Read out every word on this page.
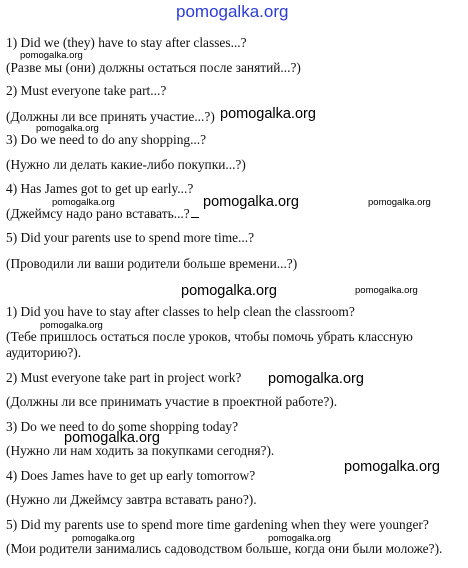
pomogalka.org
1) Did we (they) have to stay after classes...?
pomogalka.org
(Разве мы (они) должны остаться после занятий...?)
2) Must everyone take part...?
(Должны ли все принять участие...?) pomogalka.org
pomogalka.org
3) Do we need to do any shopping...?
(Нужно ли делать какие-либо покупки...?)
4) Has James got to get up early...?
pomogalka.org	pomogalka.org	pomogalka.org
(Джеймсу надо рано вставать...?
5) Did your parents use to spend more time...?
(Проводили ли ваши родители больше времени...?)
pomogalka.org	pomogalka.org
1) Did you have to stay after classes to help clean the classroom?
pomogalka.org
(Тебе пришлось остаться после уроков, чтобы помочь убрать классную аудиторию?).
2) Must everyone take part in project work? pomogalka.org
(Должны ли все принимать участие в проектной работе?).
3) Do we need to do some shopping today?
pomogalka.org
(Нужно ли нам ходить за покупками сегодня?).
pomogalka.org
4) Does James have to get up early tomorrow?
(Нужно ли Джеймсу завтра вставать рано?).
5) Did my parents use to spend more time gardening when they were younger?
pomogalka.org	pomogalka.org
(Мои родители занимались садоводством больше, когда они были моложе?).
